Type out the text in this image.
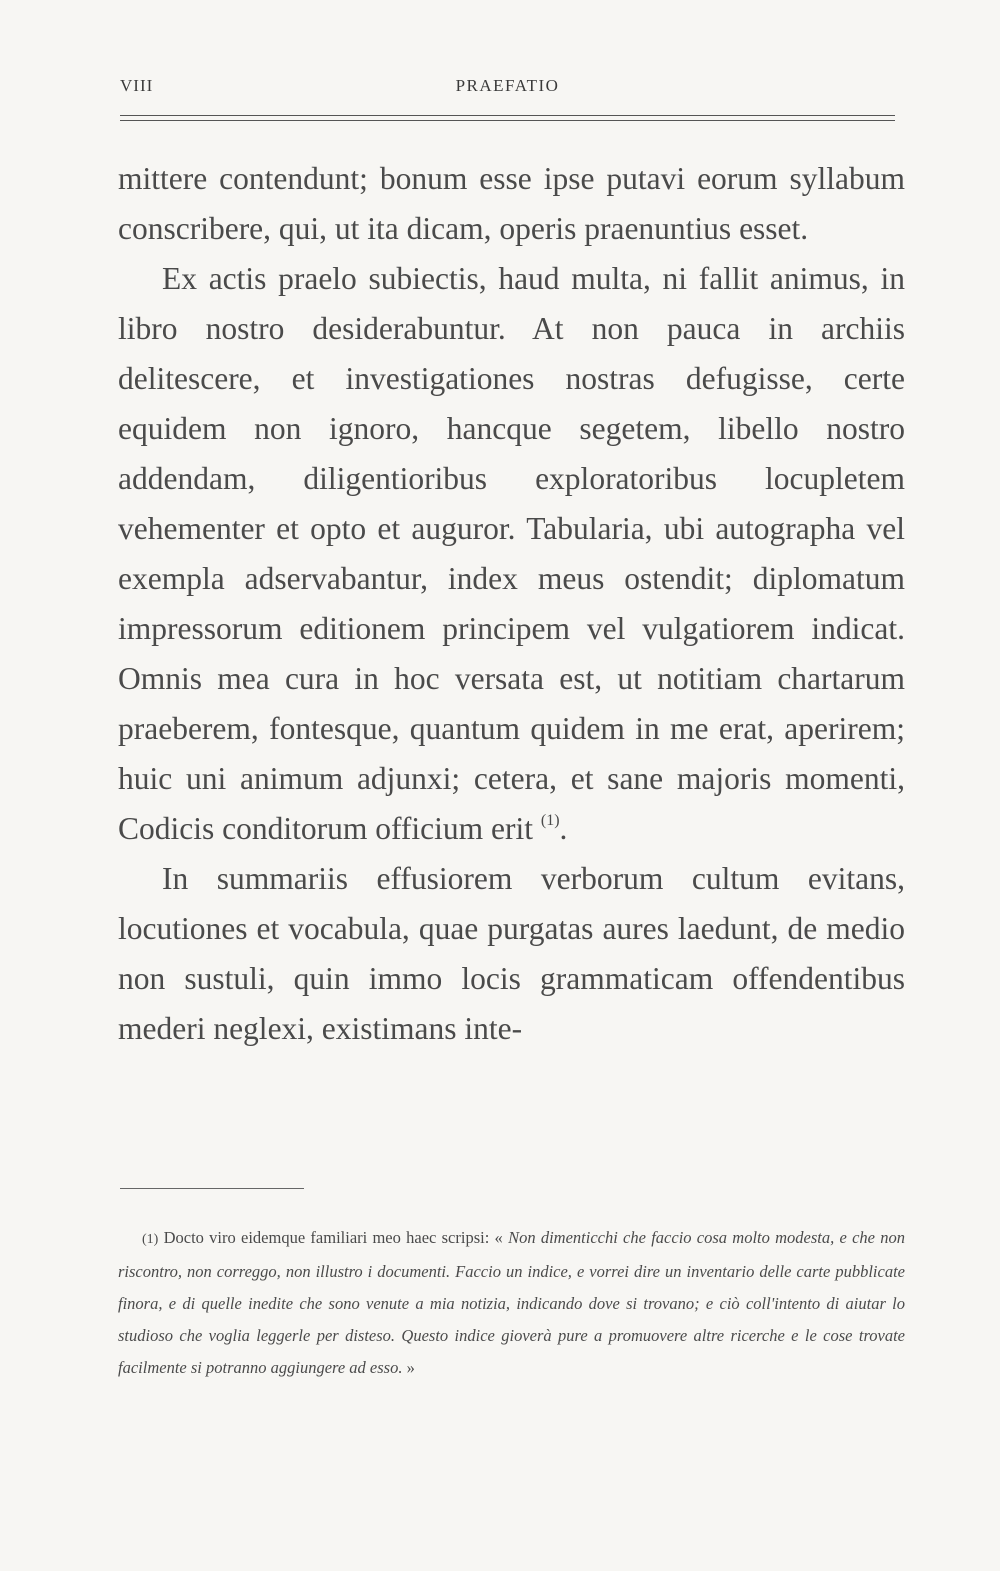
VIII	PRAEFATIO

mittere contendunt; bonum esse ipse putavi eorum syllabum conscribere, qui, ut ita dicam, operis praenuntius esset.

Ex actis praelo subiectis, haud multa, ni fallit animus, in libro nostro desiderabuntur. At non pauca in archiis delitescere, et investigationes nostras defugisse, certe equidem non ignoro, hancque segetem, libello nostro addendam, diligentioribus exploratoribus locupletem vehementer et opto et auguror. Tabularia, ubi autographa vel exempla adservabantur, index meus ostendit; diplomatum impressorum editionem principem vel vulgatiorem indicat. Omnis mea cura in hoc versata est, ut notitiam chartarum praeberem, fontesque, quantum quidem in me erat, aperirem; huic uni animum adjunxi; cetera, et sane majoris momenti, Codicis conditorum officium erit $^{(1)}$.

In summariis effusiorem verborum cultum evitans, locutiones et vocabula, quae purgatas aures laedunt, de medio non sustuli, quin immo locis grammaticam offendentibus mederi neglexi, existimans inte-

(1) Docto viro eidemque familiari meo haec scripsi: « Non dimenticchi che faccio cosa molto modesta, e che non riscontro, non correggo, non illustro i documenti. Faccio un indice, e vorrei dire un inventario delle carte pubblicate finora, e di quelle inedite che sono venute a mia notizia, indicando dove si trovano; e ciò coll'intento di aiutar lo studioso che voglia leggerle per disteso. Questo indice gioverà pure a promuovere altre ricerche e le cose trovate facilmente si potranno aggiungere ad esso. »
